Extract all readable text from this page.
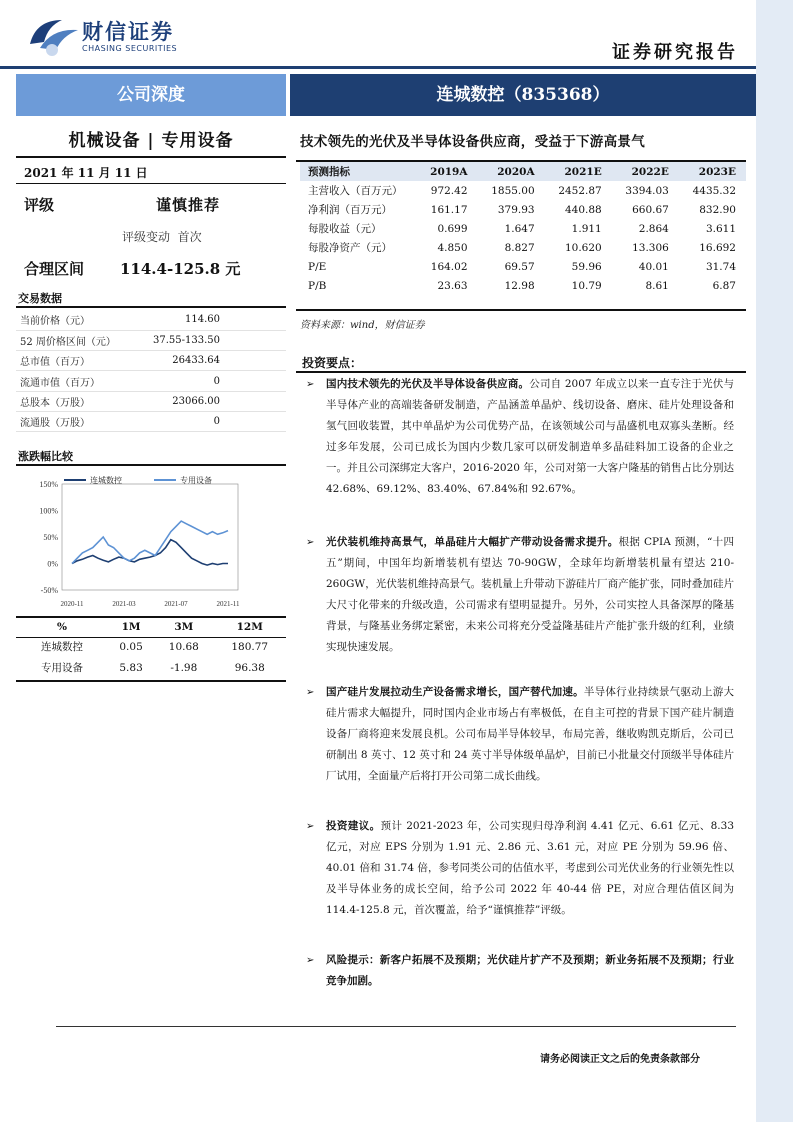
财信证券
CHASING SECURITIES	证券研究报告
公司深度	连城数控（835368）
机械设备 | 专用设备
2021 年 11 月 11 日
评级	谨慎推荐
评级变动 首次
合理区间 114.4-125.8 元
交易数据
当前价格（元）	114.60
52 周价格区间（元）	37.55-133.50
总市值（百万）	26433.64
流通市值（百万）	0
总股本（万股）	23066.00
流通股（万股）	0
涨跌幅比较
150%
100%
50%
0%
-50%
2020-11	2021-03	2021-07	2021-11
连城数控	专用设备
%	1M	3M	12M
连城数控	0.05	10.68	180.77
专用设备	5.83	-1.98	96.38
技术领先的光伏及半导体设备供应商，受益于下游高景气
预测指标	2019A	2020A	2021E	2022E	2023E
主营收入（百万元）	972.42	1855.00	2452.87	3394.03	4435.32
净利润（百万元）	161.17	379.93	440.88	660.67	832.90
每股收益（元）	0.699	1.647	1.911	2.864	3.611
每股净资产（元）	4.850	8.827	10.620	13.306	16.692
P/E	164.02	69.57	59.96	40.01	31.74
P/B	23.63	12.98	10.79	8.61	6.87
资料来源：wind，财信证券
投资要点：
➢ 国内技术领先的光伏及半导体设备供应商。公司自 2007 年成立以来一直专注于光伏与半导体产业的高端装备研发制造，产品涵盖单晶炉、线切设备、磨床、硅片处理设备和氢气回收装置，其中单晶炉为公司优势产品，在该领域公司与晶盛机电双寡头垄断。经过多年发展，公司已成长为国内少数几家可以研发制造单多晶硅料加工设备的企业之一。并且公司深绑定大客户，2016-2020 年，公司对第一大客户隆基的销售占比分别达 42.68%、69.12%、83.40%、67.84%和 92.67%。
➢ 光伏装机维持高景气，单晶硅片大幅扩产带动设备需求提升。根据 CPIA 预测，“十四五”期间，中国年均新增装机有望达 70-90GW，全球年均新增装机量有望达 210-260GW，光伏装机维持高景气。装机量上升带动下游硅片厂商产能扩张，同时叠加硅片大尺寸化带来的升级改造，公司需求有望明显提升。另外，公司实控人具备深厚的隆基背景，与隆基业务绑定紧密，未来公司将充分受益隆基硅片产能扩张升级的红利，业绩实现快速发展。
➢ 国产硅片发展拉动生产设备需求增长，国产替代加速。半导体行业持续景气驱动上游大硅片需求大幅提升，同时国内企业市场占有率极低，在自主可控的背景下国产硅片制造设备厂商将迎来发展良机。公司布局半导体较早，布局完善，继收购凯克斯后，公司已研制出 8 英寸、12 英寸和 24 英寸半导体级单晶炉，目前已小批量交付顶级半导体硅片厂试用，全面量产后将打开公司第二成长曲线。
➢ 投资建议。预计 2021-2023 年，公司实现归母净利润 4.41 亿元、6.61 亿元、8.33 亿元，对应 EPS 分别为 1.91 元、2.86 元、3.61 元，对应 PE 分别为 59.96 倍、40.01 倍和 31.74 倍，参考同类公司的估值水平，考虑到公司光伏业务的行业领先性以及半导体业务的成长空间，给予公司 2022 年 40-44 倍 PE，对应合理估值区间为 114.4-125.8 元，首次覆盖，给予“谨慎推荐”评级。
➢ 风险提示：新客户拓展不及预期；光伏硅片扩产不及预期；新业务拓展不及预期；行业竞争加剧。
请务必阅读正文之后的免责条款部分
